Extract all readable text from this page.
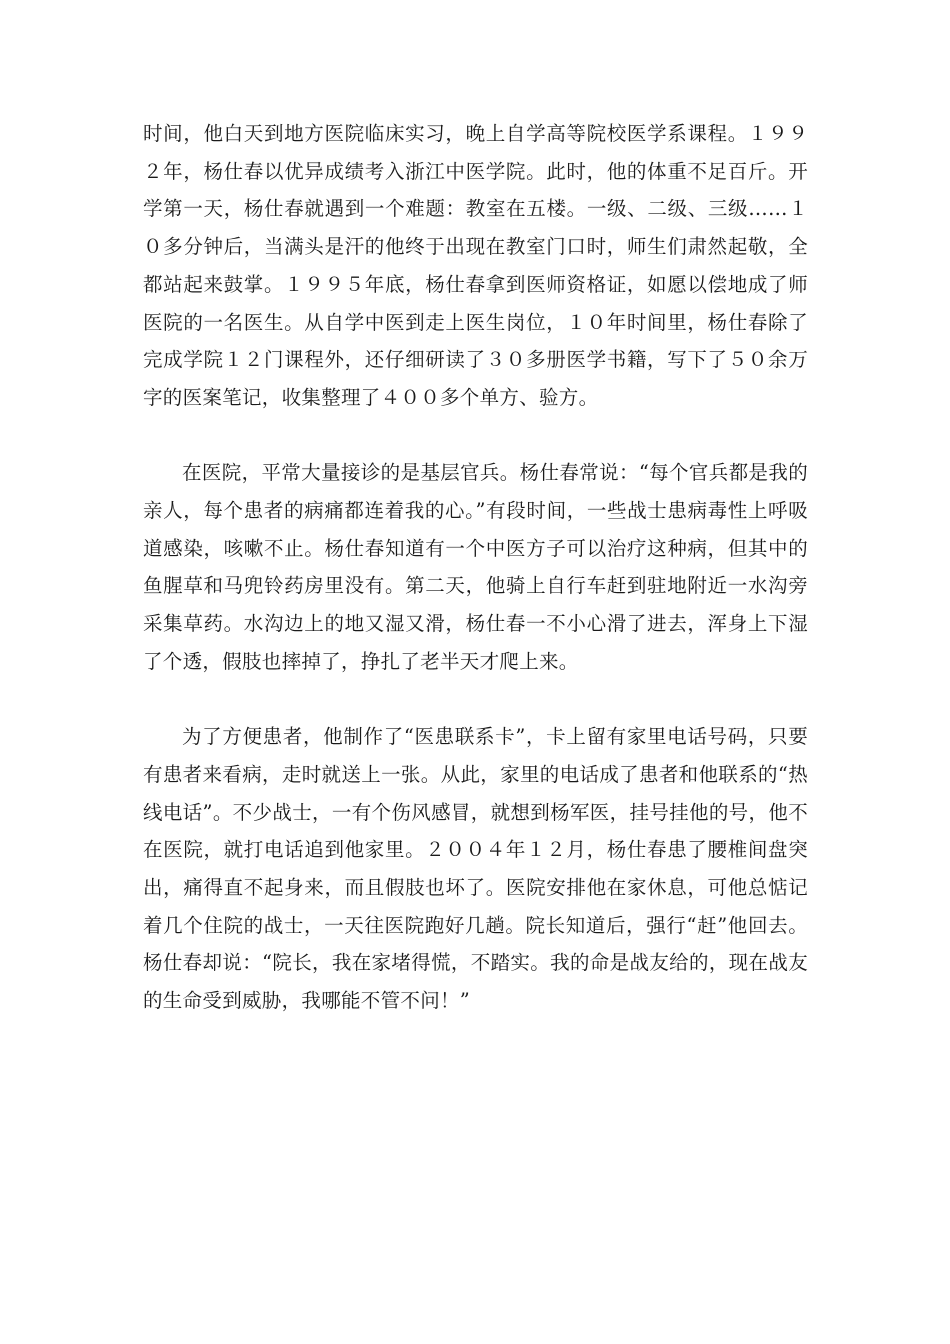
时间，他白天到地方医院临床实习，晚上自学高等院校医学系课程。１９９２年，杨仕春以优异成绩考入浙江中医学院。此时，他的体重不足百斤。开学第一天，杨仕春就遇到一个难题：教室在五楼。一级、二级、三级……１０多分钟后，当满头是汗的他终于出现在教室门口时，师生们肃然起敬，全都站起来鼓掌。１９９５年底，杨仕春拿到医师资格证，如愿以偿地成了师医院的一名医生。从自学中医到走上医生岗位，１０年时间里，杨仕春除了完成学院１２门课程外，还仔细研读了３０多册医学书籍，写下了５０余万字的医案笔记，收集整理了４００多个单方、验方。

在医院，平常大量接诊的是基层官兵。杨仕春常说：“每个官兵都是我的亲人，每个患者的病痛都连着我的心。”有段时间，一些战士患病毒性上呼吸道感染，咳嗽不止。杨仕春知道有一个中医方子可以治疗这种病，但其中的鱼腥草和马兜铃药房里没有。第二天，他骑上自行车赶到驻地附近一水沟旁采集草药。水沟边上的地又湿又滑，杨仕春一不小心滑了进去，浑身上下湿了个透，假肢也摔掉了，挣扎了老半天才爬上来。

为了方便患者，他制作了“医患联系卡”，卡上留有家里电话号码，只要有患者来看病，走时就送上一张。从此，家里的电话成了患者和他联系的“热线电话”。不少战士，一有个伤风感冒，就想到杨军医，挂号挂他的号，他不在医院，就打电话追到他家里。２００４年１２月，杨仕春患了腰椎间盘突出，痛得直不起身来，而且假肢也坏了。医院安排他在家休息，可他总惦记着几个住院的战士，一天往医院跑好几趟。院长知道后，强行“赶”他回去。杨仕春却说：“院长，我在家堵得慌，不踏实。我的命是战友给的，现在战友的生命受到威胁，我哪能不管不问！”
